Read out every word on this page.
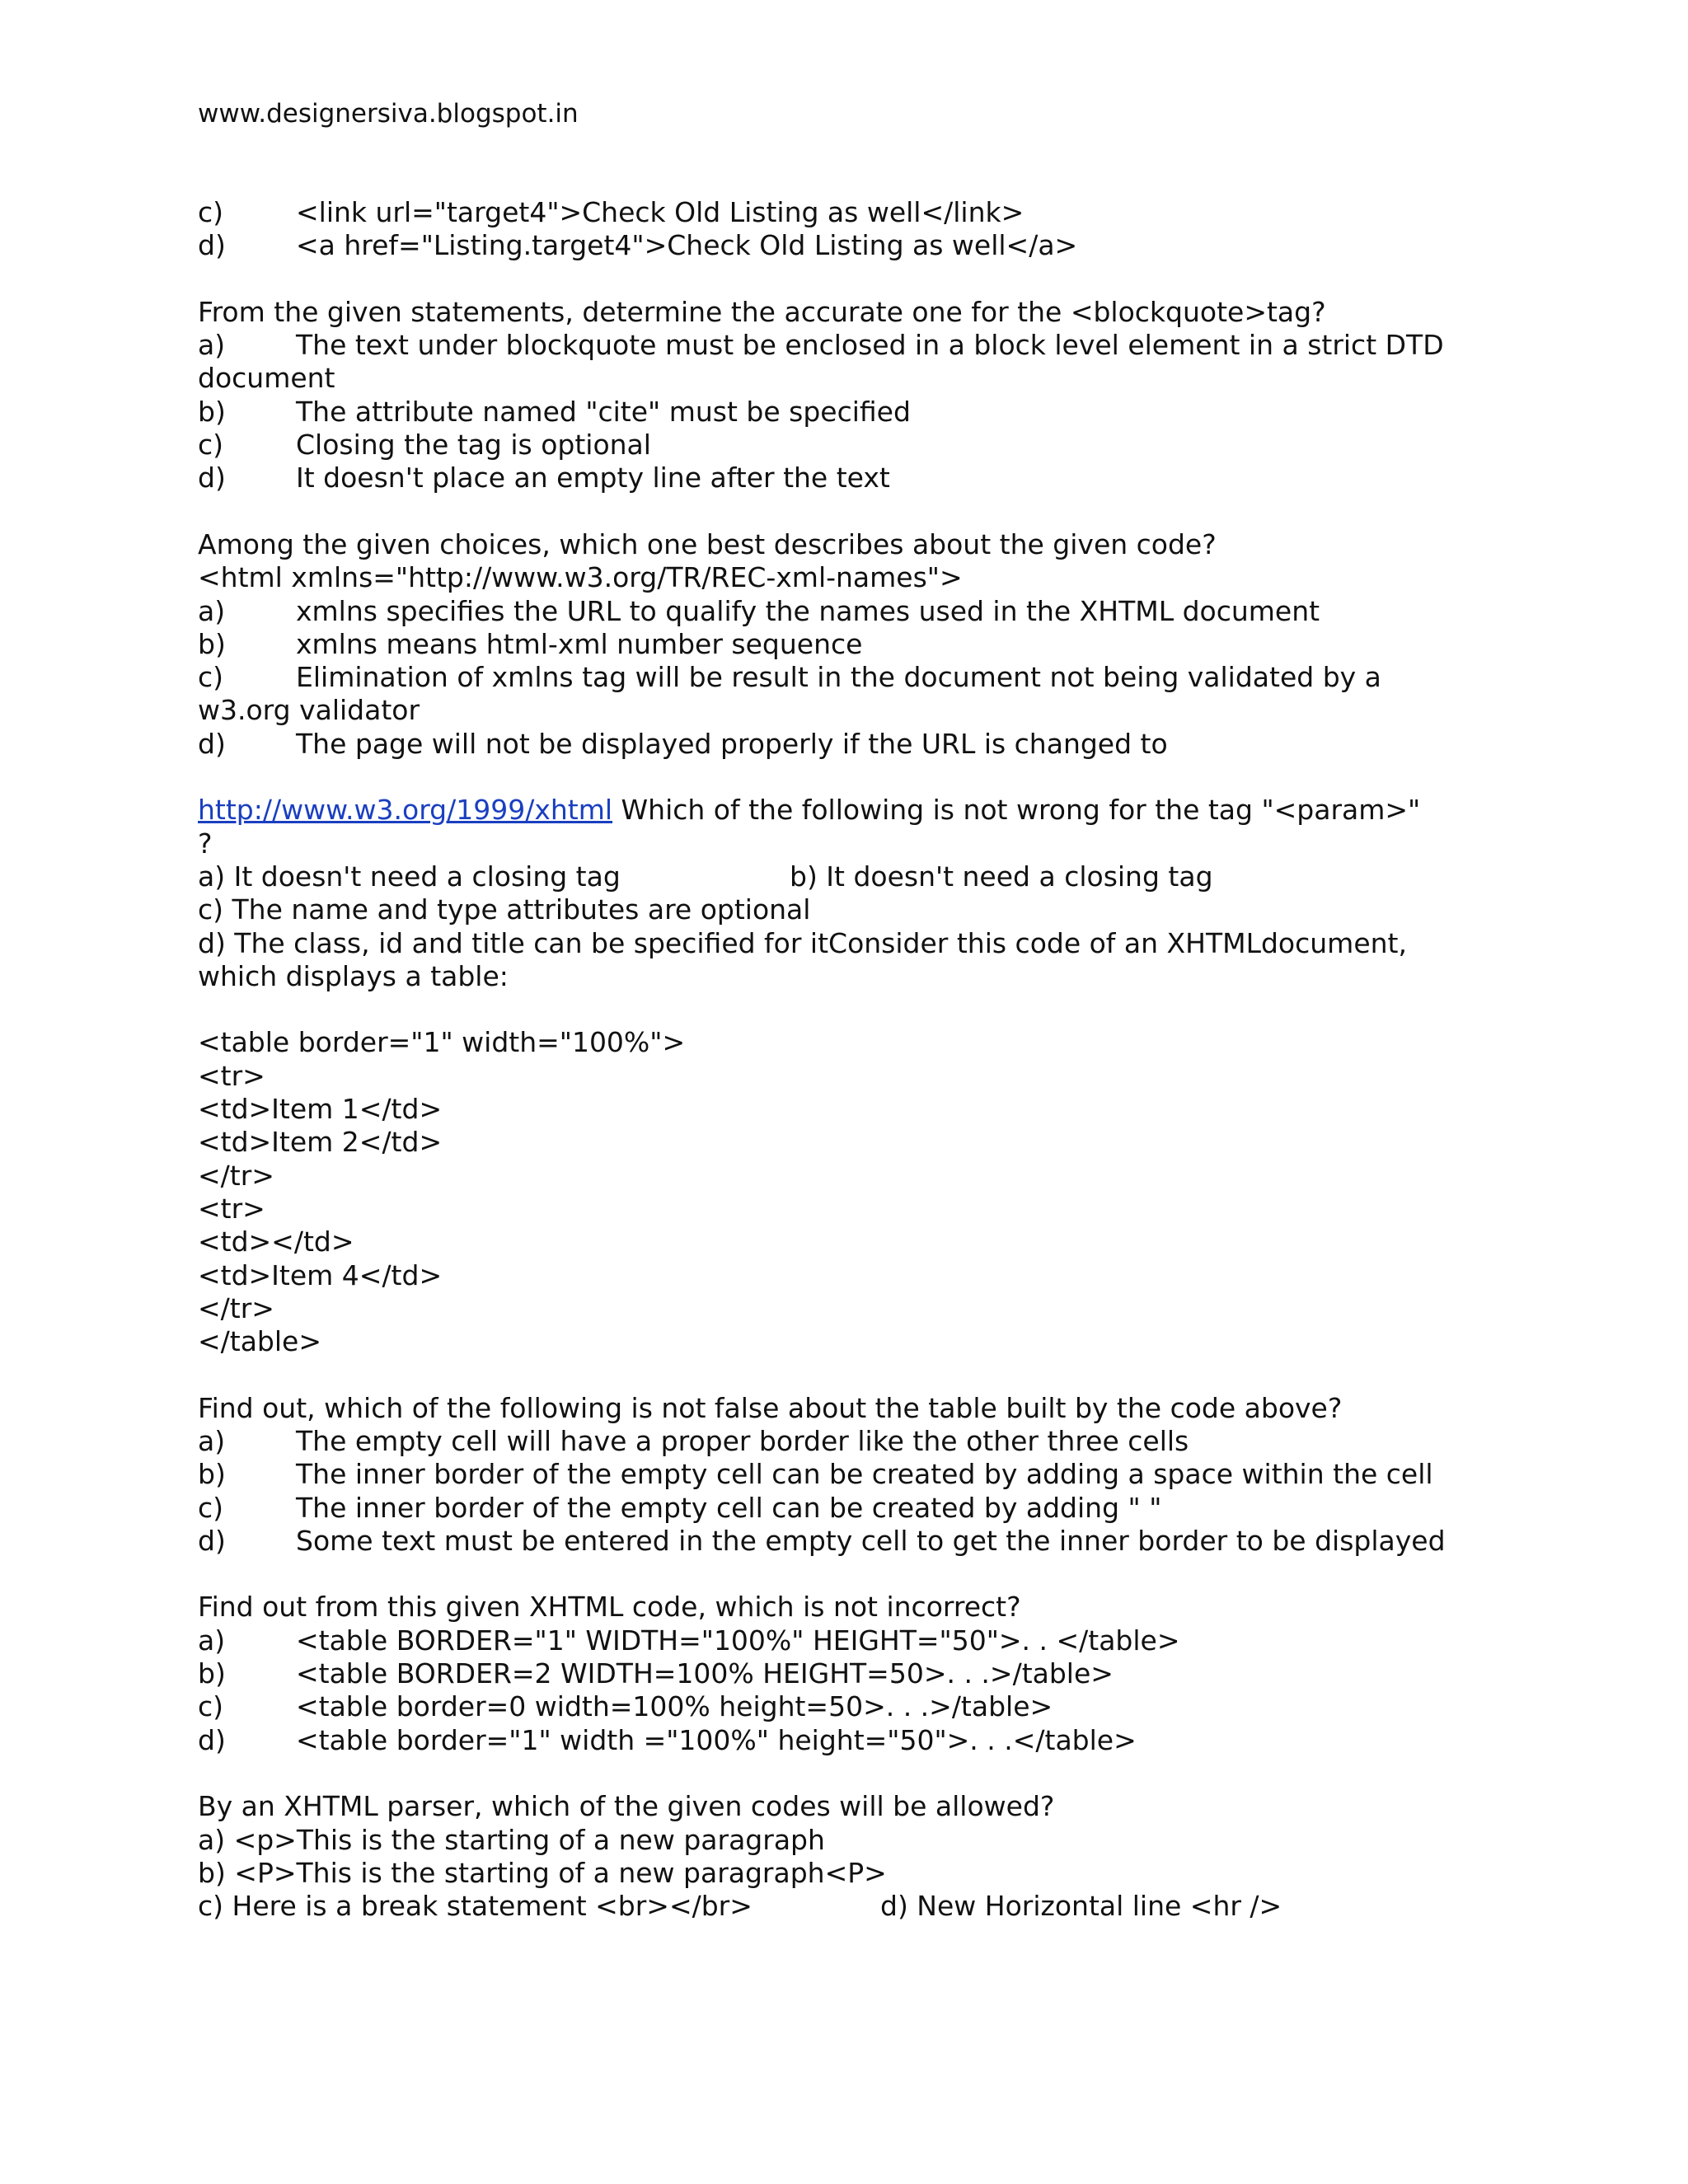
www.designersiva.blogspot.in
c)	<link url="target4">Check Old Listing as well</link>
d)	<a href="Listing.target4">Check Old Listing as well</a>
From the given statements, determine the accurate one for the <blockquote>tag?
a)	The text under blockquote must be enclosed in a block level element in a strict DTD
document
b)	The attribute named "cite" must be specified
c)	Closing the tag is optional
d)	It doesn't place an empty line after the text
Among the given choices, which one best describes about the given code?
<html xmlns="http://www.w3.org/TR/REC-xml-names">
a)	xmlns specifies the URL to qualify the names used in the XHTML document
b)	xmlns means html-xml number sequence
c)	Elimination of xmlns tag will be result in the document not being validated by a
w3.org validator
d)	The page will not be displayed properly if the URL is changed to
http://www.w3.org/1999/xhtml Which of the following is not wrong for the tag "<param>"
?
a) It doesn't need a closing tag	b) It doesn't need a closing tag
c) The name and type attributes are optional
d) The class, id and title can be specified for itConsider this code of an XHTMLdocument,
which displays a table:
<table border="1" width="100%">
<tr>
<td>Item 1</td>
<td>Item 2</td>
</tr>
<tr>
<td></td>
<td>Item 4</td>
</tr>
</table>
Find out, which of the following is not false about the table built by the code above?
a)	The empty cell will have a proper border like the other three cells
b)	The inner border of the empty cell can be created by adding a space within the cell
c)	The inner border of the empty cell can be created by adding " "
d)	Some text must be entered in the empty cell to get the inner border to be displayed
Find out from this given XHTML code, which is not incorrect?
a)	<table BORDER="1" WIDTH="100%" HEIGHT="50">. . </table>
b)	<table BORDER=2 WIDTH=100% HEIGHT=50>. . .>/table>
c)	<table border=0 width=100% height=50>. . .>/table>
d)	<table border="1" width ="100%" height="50">. . .</table>
By an XHTML parser, which of the given codes will be allowed?
a) <p>This is the starting of a new paragraph
b) <P>This is the starting of a new paragraph<P>
c) Here is a break statement <br></br>	d) New Horizontal line <hr />
